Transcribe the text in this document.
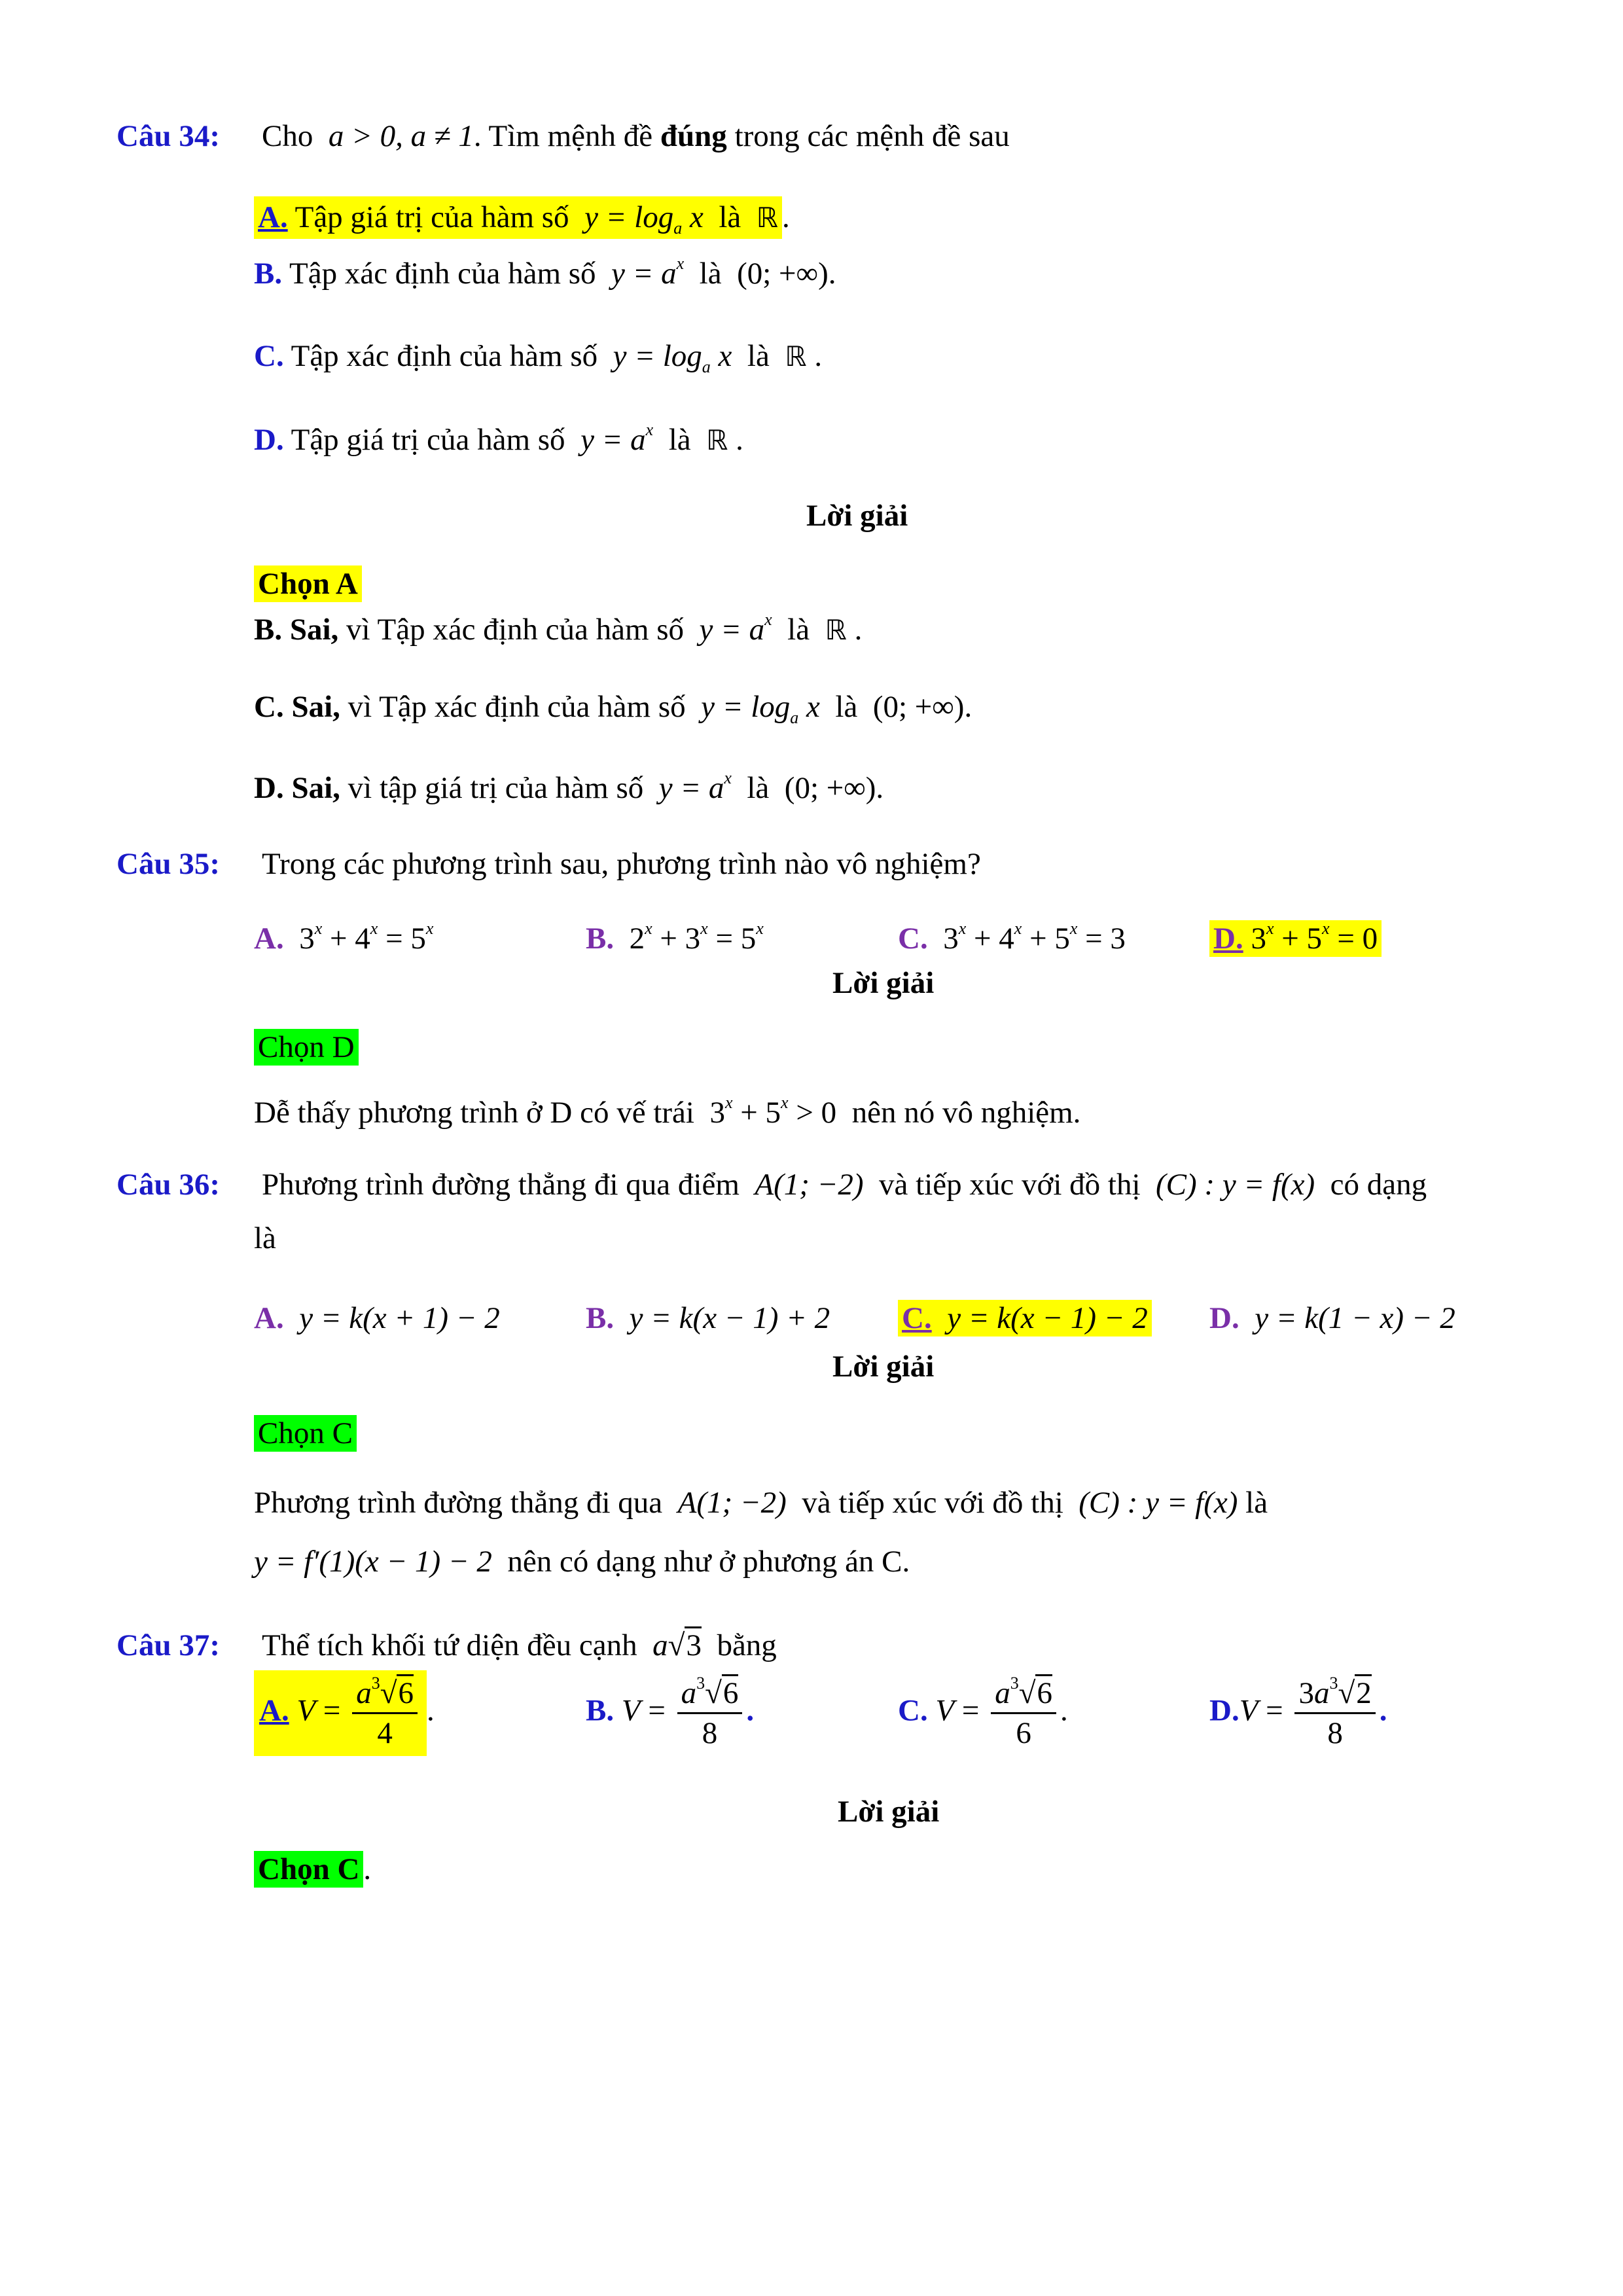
Câu 34: Cho a > 0, a ≠ 1. Tìm mệnh đề đúng trong các mệnh đề sau
A. Tập giá trị của hàm số $y = \log_a x$ là ℝ .
B. Tập xác định của hàm số $y = a^x$ là (0; +∞).
C. Tập xác định của hàm số $y = \log_a x$ là ℝ .
D. Tập giá trị của hàm số $y = a^x$ là ℝ .
Lời giải
Chọn A
B. Sai, vì Tập xác định của hàm số $y = a^x$ là ℝ .
C. Sai, vì Tập xác định của hàm số $y = \log_a x$ là (0; +∞).
D. Sai, vì tập giá trị của hàm số $y = a^x$ là (0; +∞).
Câu 35: Trong các phương trình sau, phương trình nào vô nghiệm?
A.  $3^x + 4^x = 5^x$	B.  $2^x + 3^x = 5^x$	C.  $3^x + 4^x + 5^x = 3$	D. $3^x + 5^x = 0$
Lời giải
Chọn D
Dễ thấy phương trình ở D có vế trái  $3^x + 5^x > 0$  nên nó vô nghiệm.
Câu 36: Phương trình đường thẳng đi qua điểm A(1; −2) và tiếp xúc với đồ thị (C) : y = f(x) có dạng
là
A. y = k(x + 1) − 2	B. y = k(x − 1) + 2 C. y = k(x − 1) − 2 D. y = k(1 − x) − 2
Lời giải
Chọn C
Phương trình đường thẳng đi qua A(1; −2) và tiếp xúc với đồ thị (C) : y = f(x) là
y = f′(1)(x − 1) − 2 nên có dạng như ở phương án C.
Câu 37: Thể tích khối tứ diện đều cạnh a√3 bằng
A. $V = \frac{a^3√6}{4}$ .	B. $V = \frac{a^3√6}{8}$ .	C. $V = \frac{a^3√6}{6}$ .	$D.V = \frac{3a^3√2}{8}$ .
Lời giải
Chọn C .
